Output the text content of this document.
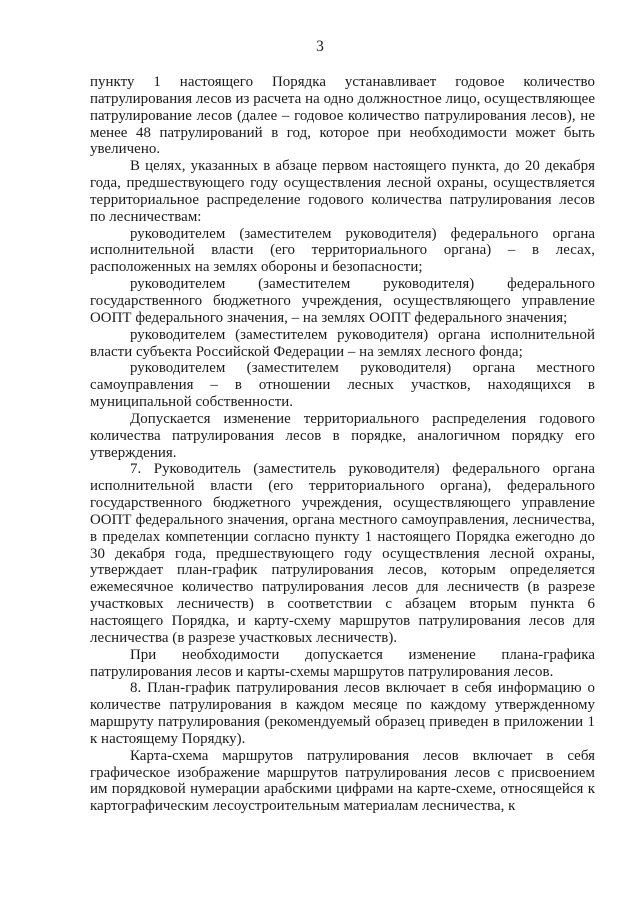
3

пункту 1 настоящего Порядка устанавливает годовое количество патрулирования лесов из расчета на одно должностное лицо, осуществляющее патрулирование лесов (далее – годовое количество патрулирования лесов), не менее 48 патрулирований в год, которое при необходимости может быть увеличено.

В целях, указанных в абзаце первом настоящего пункта, до 20 декабря года, предшествующего году осуществления лесной охраны, осуществляется территориальное распределение годового количества патрулирования лесов по лесничествам:

руководителем (заместителем руководителя) федерального органа исполнительной власти (его территориального органа) – в лесах, расположенных на землях обороны и безопасности;

руководителем (заместителем руководителя) федерального государственного бюджетного учреждения, осуществляющего управление ООПТ федерального значения, – на землях ООПТ федерального значения;

руководителем (заместителем руководителя) органа исполнительной власти субъекта Российской Федерации – на землях лесного фонда;

руководителем (заместителем руководителя) органа местного самоуправления – в отношении лесных участков, находящихся в муниципальной собственности.

Допускается изменение территориального распределения годового количества патрулирования лесов в порядке, аналогичном порядку его утверждения.

7. Руководитель (заместитель руководителя) федерального органа исполнительной власти (его территориального органа), федерального государственного бюджетного учреждения, осуществляющего управление ООПТ федерального значения, органа местного самоуправления, лесничества, в пределах компетенции согласно пункту 1 настоящего Порядка ежегодно до 30 декабря года, предшествующего году осуществления лесной охраны, утверждает план-график патрулирования лесов, которым определяется ежемесячное количество патрулирования лесов для лесничеств (в разрезе участковых лесничеств) в соответствии с абзацем вторым пункта 6 настоящего Порядка, и карту-схему маршрутов патрулирования лесов для лесничества (в разрезе участковых лесничеств).

При необходимости допускается изменение плана-графика патрулирования лесов и карты-схемы маршрутов патрулирования лесов.

8. План-график патрулирования лесов включает в себя информацию о количестве патрулирования в каждом месяце по каждому утвержденному маршруту патрулирования (рекомендуемый образец приведен в приложении 1 к настоящему Порядку).

Карта-схема маршрутов патрулирования лесов включает в себя графическое изображение маршрутов патрулирования лесов с присвоением им порядковой нумерации арабскими цифрами на карте-схеме, относящейся к картографическим лесоустроительным материалам лесничества, к
